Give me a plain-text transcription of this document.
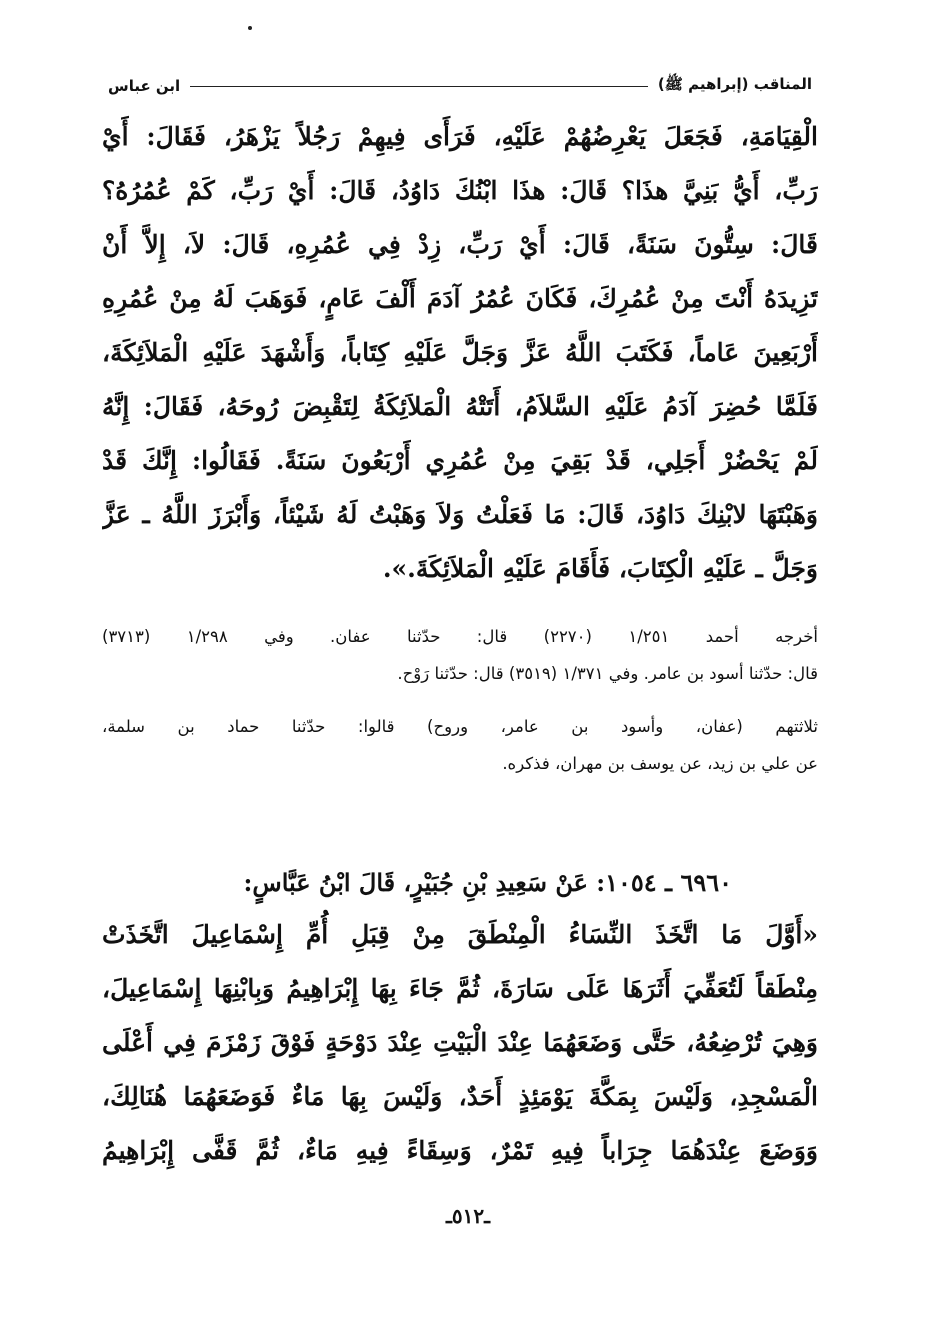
المناقب (إبراهيم ﷺ)
ابن عباس
الْقِيَامَةِ، فَجَعَلَ يَعْرِضُهُمْ عَلَيْهِ، فَرَأَى فِيهِمْ رَجُلاً يَزْهَرُ، فَقَالَ: أَيْ
رَبِّ، أَيُّ بَنِيَّ هذَا؟ قَالَ: هذَا ابْنُكَ دَاوُدُ، قَالَ: أَيْ رَبِّ، كَمْ عُمُرُهُ؟
قَالَ: سِتُّونَ سَنَةً، قَالَ: أَيْ رَبِّ، زِدْ فِي عُمُرِهِ، قَالَ: لاَ، إِلاَّ أَنْ
تَزِيدَهُ أَنْتَ مِنْ عُمُرِكَ، فَكَانَ عُمُرُ آدَمَ أَلْفَ عَامٍ، فَوَهَبَ لَهُ مِنْ عُمُرِهِ
أَرْبَعِينَ عَاماً، فَكَتَبَ اللَّهُ عَزَّ وَجَلَّ عَلَيْهِ كِتَاباً، وَأَشْهَدَ عَلَيْهِ الْمَلاَئِكَةَ،
فَلَمَّا حُضِرَ آدَمُ عَلَيْهِ السَّلاَمُ، أَتَتْهُ الْمَلاَئِكَةُ لِتَقْبِضَ رُوحَهُ، فَقَالَ: إِنَّهُ
لَمْ يَحْضُرْ أَجَلِي، قَدْ بَقِيَ مِنْ عُمُرِي أَرْبَعُونَ سَنَةً. فَقَالُوا: إِنَّكَ قَدْ
وَهَبْتَهَا لابْنِكَ دَاوُدَ، قَالَ: مَا فَعَلْتُ وَلاَ وَهَبْتُ لَهُ شَيْئاً، وَأَبْرَزَ اللَّهُ ـ عَزَّ
وَجَلَّ ـ عَلَيْهِ الْكِتَابَ، فَأَقَامَ عَلَيْهِ الْمَلاَئِكَةَ.».
أخرجه أحمد ١/٢٥١ (٢٢٧٠) قال: حدّثنا عفان. وفي ١/٢٩٨ (٣٧١٣)
قال: حدّثنا أسود بن عامر. وفي ١/٣٧١ (٣٥١٩) قال: حدّثنا رَوْح.
ثلاثتهم (عفان، وأسود بن عامر، وروح) قالوا: حدّثنا حماد بن سلمة،
عن علي بن زيد، عن يوسف بن مهران، فذكره.
٦٩٦٠ ـ ١٠٥٤: عَنْ سَعِيدِ بْنِ جُبَيْرٍ، قَالَ ابْنُ عَبَّاسٍ:
«أَوَّلَ مَا اتَّخَذَ النِّسَاءُ الْمِنْطَقَ مِنْ قِبَلِ أُمِّ إِسْمَاعِيلَ اتَّخَذَتْ
مِنْطَقاً لَتُعَفِّيَ أَثَرَهَا عَلَى سَارَةَ، ثُمَّ جَاءَ بِهَا إِبْرَاهِيمُ وَبِابْنِهَا إِسْمَاعِيلَ،
وَهِيَ تُرْضِعُهُ، حَتَّى وَضَعَهُمَا عِنْدَ الْبَيْتِ عِنْدَ دَوْحَةٍ فَوْقَ زَمْزَمَ فِي أَعْلَى
الْمَسْجِدِ، وَلَيْسَ بِمَكَّةَ يَوْمَئِذٍ أَحَدٌ، وَلَيْسَ بِهَا مَاءٌ فَوَضَعَهُمَا هُنَالِكَ،
وَوَضَعَ عِنْدَهُمَا جِرَاباً فِيهِ تَمْرٌ، وَسِقَاءً فِيهِ مَاءٌ، ثُمَّ قَفَّى إِبْرَاهِيمُ
ـ٥١٢ـ
